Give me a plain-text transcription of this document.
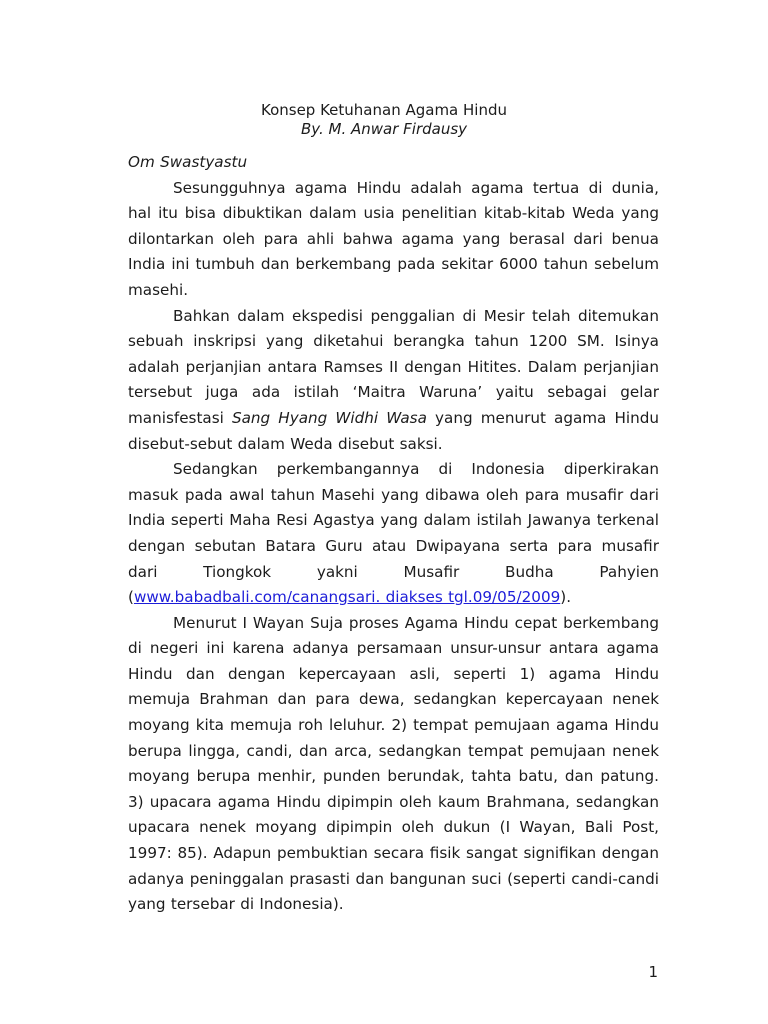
Konsep Ketuhanan Agama Hindu
By. M. Anwar Firdausy

Om Swastyastu

Sesungguhnya agama Hindu adalah agama tertua di dunia, hal itu bisa dibuktikan dalam usia penelitian kitab-kitab Weda yang dilontarkan oleh para ahli bahwa agama yang berasal dari benua India ini tumbuh dan berkembang pada sekitar 6000 tahun sebelum masehi.

Bahkan dalam ekspedisi penggalian di Mesir telah ditemukan sebuah inskripsi yang diketahui berangka tahun 1200 SM. Isinya adalah perjanjian antara Ramses II dengan Hitites. Dalam perjanjian tersebut juga ada istilah ‘Maitra Waruna’ yaitu sebagai gelar manisfestasi Sang Hyang Widhi Wasa yang menurut agama Hindu disebut-sebut dalam Weda disebut saksi.

Sedangkan perkembangannya di Indonesia diperkirakan masuk pada awal tahun Masehi yang dibawa oleh para musafir dari India seperti Maha Resi Agastya yang dalam istilah Jawanya terkenal dengan sebutan Batara Guru atau Dwipayana serta para musafir dari Tiongkok yakni Musafir Budha Pahyien (www.babadbali.com/canangsari. diakses tgl.09/05/2009).

Menurut I Wayan Suja proses Agama Hindu cepat berkembang di negeri ini karena adanya persamaan unsur-unsur antara agama Hindu dan dengan kepercayaan asli, seperti 1) agama Hindu memuja Brahman dan para dewa, sedangkan kepercayaan nenek moyang kita memuja roh leluhur. 2) tempat pemujaan agama Hindu berupa lingga, candi, dan arca, sedangkan tempat pemujaan nenek moyang berupa menhir, punden berundak, tahta batu, dan patung. 3) upacara agama Hindu dipimpin oleh kaum Brahmana, sedangkan upacara nenek moyang dipimpin oleh dukun (I Wayan, Bali Post, 1997: 85). Adapun pembuktian secara fisik sangat signifikan dengan adanya peninggalan prasasti dan bangunan suci (seperti candi-candi yang tersebar di Indonesia).

1
